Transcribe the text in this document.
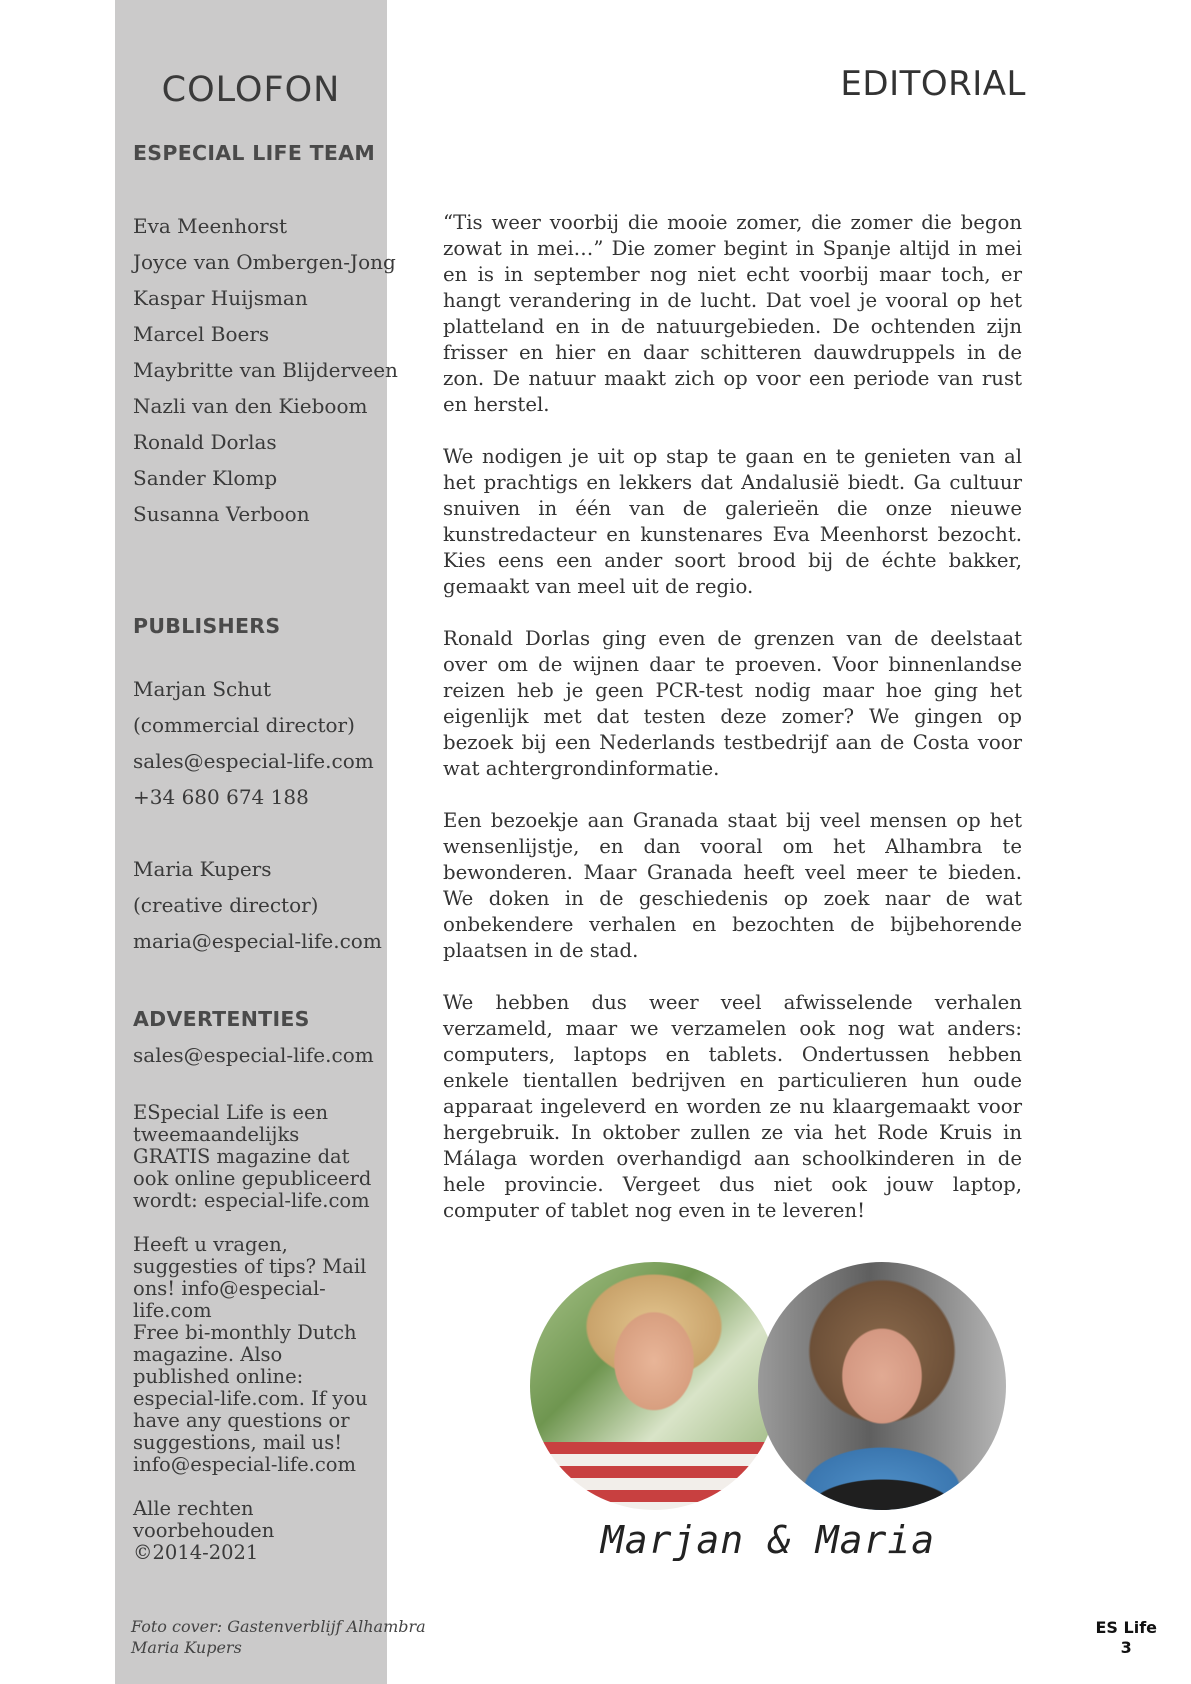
COLOFON
ESPECIAL LIFE TEAM
Eva Meenhorst
Joyce van Ombergen-Jong
Kaspar Huijsman
Marcel Boers
Maybritte van Blijderveen
Nazli van den Kieboom
Ronald Dorlas
Sander Klomp
Susanna Verboon
PUBLISHERS
Marjan Schut
(commercial director)
sales@especial-life.com
+34 680 674 188
Maria Kupers
(creative director)
maria@especial-life.com
ADVERTENTIES
sales@especial-life.com

ESpecial Life is een tweemaandelijks GRATIS magazine dat ook online gepubliceerd wordt: especial-life.com

Heeft u vragen, suggesties of tips? Mail ons! info@especial-life.com

Free bi-monthly Dutch magazine. Also published online: especial-life.com. If you have any questions or suggestions, mail us! info@especial-life.com

Alle rechten voorbehouden ©2014-2021

Foto cover: Gastenverblijf Alhambra
Maria Kupers

EDITORIAL

“Tis weer voorbij die mooie zomer, die zomer die begon zowat in mei…” Die zomer begint in Spanje altijd in mei en is in september nog niet echt voorbij maar toch, er hangt verandering in de lucht. Dat voel je vooral op het platteland en in de natuurgebieden. De ochtenden zijn frisser en hier en daar schitteren dauwdruppels in de zon. De natuur maakt zich op voor een periode van rust en herstel.

We nodigen je uit op stap te gaan en te genieten van al het prachtigs en lekkers dat Andalusië biedt. Ga cultuur snuiven in één van de galerieën die onze nieuwe kunstredacteur en kunstenares Eva Meenhorst bezocht. Kies eens een ander soort brood bij de échte bakker, gemaakt van meel uit de regio.

Ronald Dorlas ging even de grenzen van de deelstaat over om de wijnen daar te proeven. Voor binnenlandse reizen heb je geen PCR-test nodig maar hoe ging het eigenlijk met dat testen deze zomer? We gingen op bezoek bij een Nederlands testbedrijf aan de Costa voor wat achtergrondinformatie.

Een bezoekje aan Granada staat bij veel mensen op het wensenlijstje, en dan vooral om het Alhambra te bewonderen. Maar Granada heeft veel meer te bieden. We doken in de geschiedenis op zoek naar de wat onbekendere verhalen en bezochten de bijbehorende plaatsen in de stad.

We hebben dus weer veel afwisselende verhalen verzameld, maar we verzamelen ook nog wat anders: computers, laptops en tablets. Ondertussen hebben enkele tientallen bedrijven en particulieren hun oude apparaat ingeleverd en worden ze nu klaargemaakt voor hergebruik. In oktober zullen ze via het Rode Kruis in Málaga worden overhandigd aan schoolkinderen in de hele provincie. Vergeet dus niet ook jouw laptop, computer of tablet nog even in te leveren!

Marjan & Maria

ES Life
3
